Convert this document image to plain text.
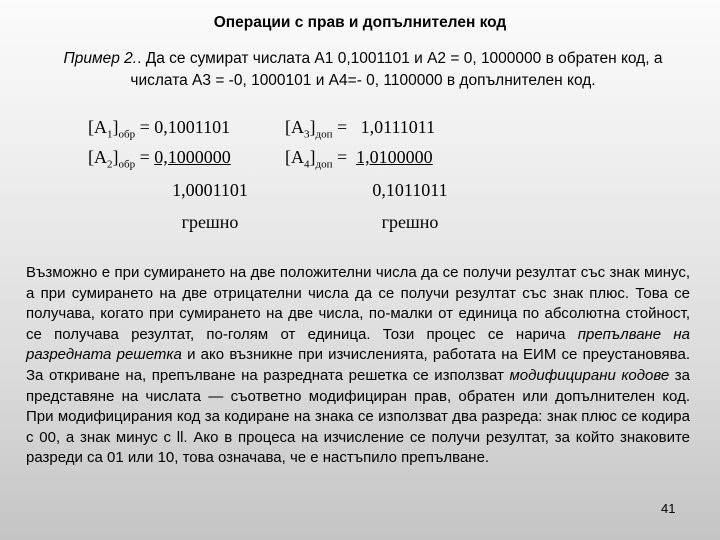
Операции с прав и допълнителен код
Пример 2.. Да се сумират числата А1 0,1001101 и А2 = 0, 1000000 в обратен код, а числата А3 = -0, 1000101 и А4=- 0, 1100000 в допълнителен код.
$[A_1]_{обр} = 0,1001101$
$[A_2]_{обр} = 0,1000000$
1,0001101
грешно
$[A_3]_{доп} = 1,0111011$
$[A_4]_{доп} = 1,0100000$
0,1011011
грешно
Възможно е при сумирането на две положителни числа да се получи резултат със знак минус, а при сумирането на две отрицателни числа да се получи резултат със знак плюс. Това се получава, когато при сумирането на две числа, по-малки от единица по абсолютна стойност, се получава резултат, по-голям от единица. Този процес се нарича препълване на разредната решетка и ако възникне при изчисленията, работата на ЕИМ се преустановява. За откриване на, препълване на разредната решетка се използват модифицирани кодове за представяне на числата — съответно модифициран прав, обратен или допълнителен код. При модифицирания код за кодиране на знака се използват два разреда: знак плюс се кодира с 00, а знак минус с ll. Ако в процеса на изчисление се получи резултат, за който знаковите разреди са 01 или 10, това означава, че е настъпило препълване.
41
